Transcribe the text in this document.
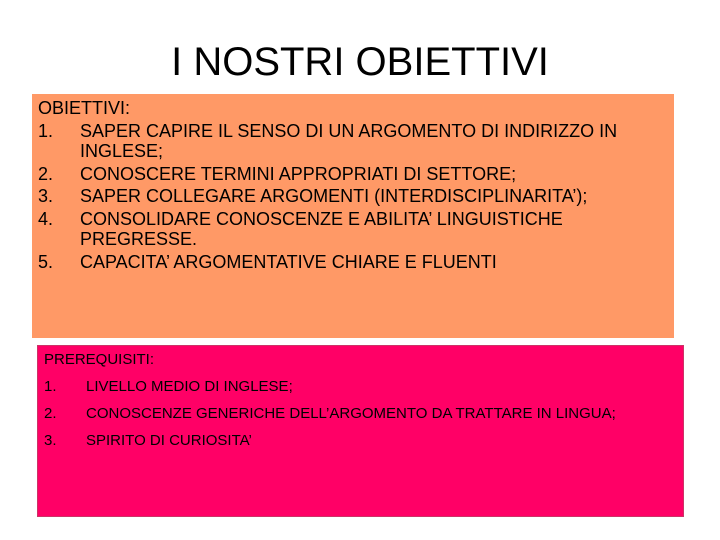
I NOSTRI OBIETTIVI
OBIETTIVI:
1.	SAPER CAPIRE IL SENSO DI UN ARGOMENTO DI INDIRIZZO IN INGLESE;
2.	CONOSCERE TERMINI APPROPRIATI DI SETTORE;
3.	SAPER COLLEGARE ARGOMENTI (INTERDISCIPLINARITA’);
4.	CONSOLIDARE CONOSCENZE E ABILITA’ LINGUISTICHE PREGRESSE.
5.	CAPACITA’ ARGOMENTATIVE CHIARE E FLUENTI
PREREQUISITI:
1.	LIVELLO MEDIO DI INGLESE;
2.	CONOSCENZE GENERICHE DELL’ARGOMENTO DA TRATTARE IN LINGUA;
3.	SPIRITO DI CURIOSITA’
